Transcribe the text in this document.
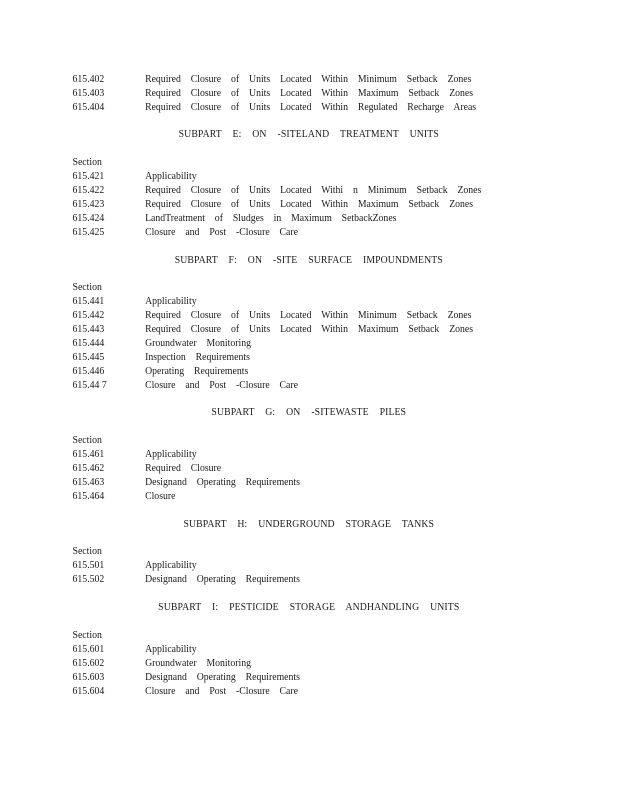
615.402	Required Closure of Units Located Within Minimum Setback Zones
615.403	Required Closure of Units Located Within Maximum Setback Zones
615.404	Required Closure of Units Located Within Regulated Recharge Areas
SUBPART E: ON -SITELAND TREATMENT UNITS
Section
615.421	Applicability
615.422	Required Closure of Units Located Withi n Minimum Setback Zones
615.423	Required Closure of Units Located Within Maximum Setback Zones
615.424	LandTreatment of Sludges in Maximum SetbackZones
615.425	Closure and Post -Closure Care
SUBPART F: ON -SITE SURFACE IMPOUNDMENTS
Section
615.441	Applicability
615.442	Required Closure of Units Located Within Minimum Setback Zones
615.443	Required Closure of Units Located Within Maximum Setback Zones
615.444	Groundwater Monitoring
615.445	Inspection Requirements
615.446	Operating Requirements
615.44 7	Closure and Post -Closure Care
SUBPART G: ON -SITEWASTE PILES
Section
615.461	Applicability
615.462	Required Closure
615.463	Designand Operating Requirements
615.464	Closure
SUBPART H: UNDERGROUND STORAGE TANKS
Section
615.501	Applicability
615.502	Designand Operating Requirements
SUBPART I: PESTICIDE STORAGE ANDHANDLING UNITS
Section
615.601	Applicability
615.602	Groundwater Monitoring
615.603	Designand Operating Requirements
615.604	Closure and Post -Closure Care
